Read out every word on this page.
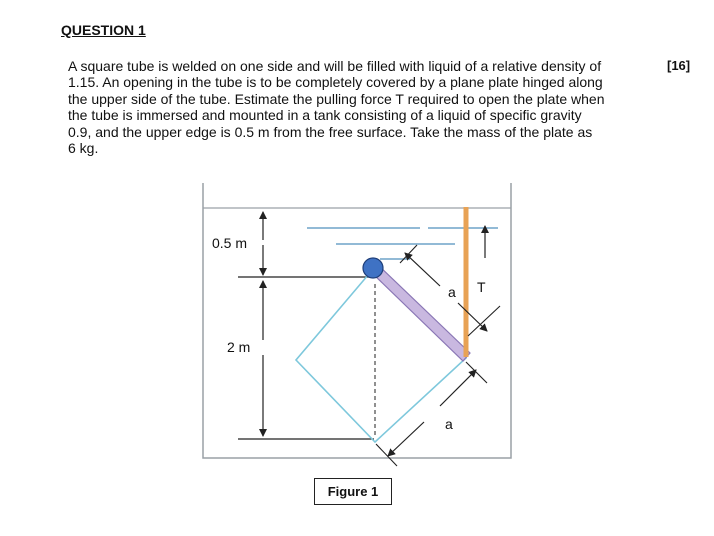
QUESTION 1

A square tube is welded on one side and will be filled with liquid of a relative density of
1.15. An opening in the tube is to be completely covered by a plane plate hinged along
the upper side of the tube. Estimate the pulling force T required to open the plate when
the tube is immersed and mounted in a tank consisting of a liquid of specific gravity
0.9, and the upper edge is 0.5 m from the free surface. Take the mass of the plate as
6 kg.

[16]
0.5 m
2 m
T
a
a
Figure 1
